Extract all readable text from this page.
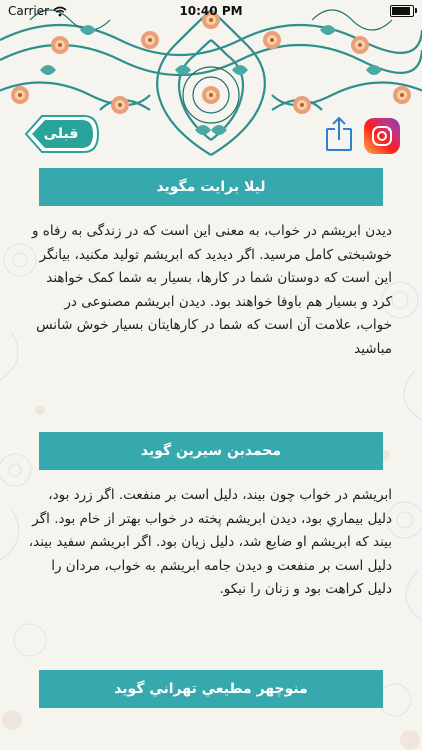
Carrier	10:40 PM
قبلی
ليلا برايت مگويد
دیدن ابریشم در خواب، به معنی این است که در زندگی به رفاه و خوشبختی کامل مرسید. اگر دیدید که ابریشم تولید مکنید، بیانگر این است که دوستان شما در کارها، بسیار به شما کمک خواهند کرد و بسیار هم باوفا خواهند بود. دیدن ابریشم مصنوعی در خواب، علامت آن است که شما در کارهایتان بسیار خوش شانس مباشید
محمدبن سيرين گويد
ابريشم در خواب چون بيند، دليل است بر منفعت. اگر زرد بود، دليل بيماري بود، ديدن ابريشم پخته در خواب بهتر از خام بود. اگر بيند كه ابريشم او ضايع شد، دليل زيان بود. اگر ابريشم سفيد بيند، دليل است بر منفعت و ديدن جامه ابريشم به خواب، مردان را دليل كراهت بود و زنان را نيكو.
منوچهر مطيعي تهراني گويد
